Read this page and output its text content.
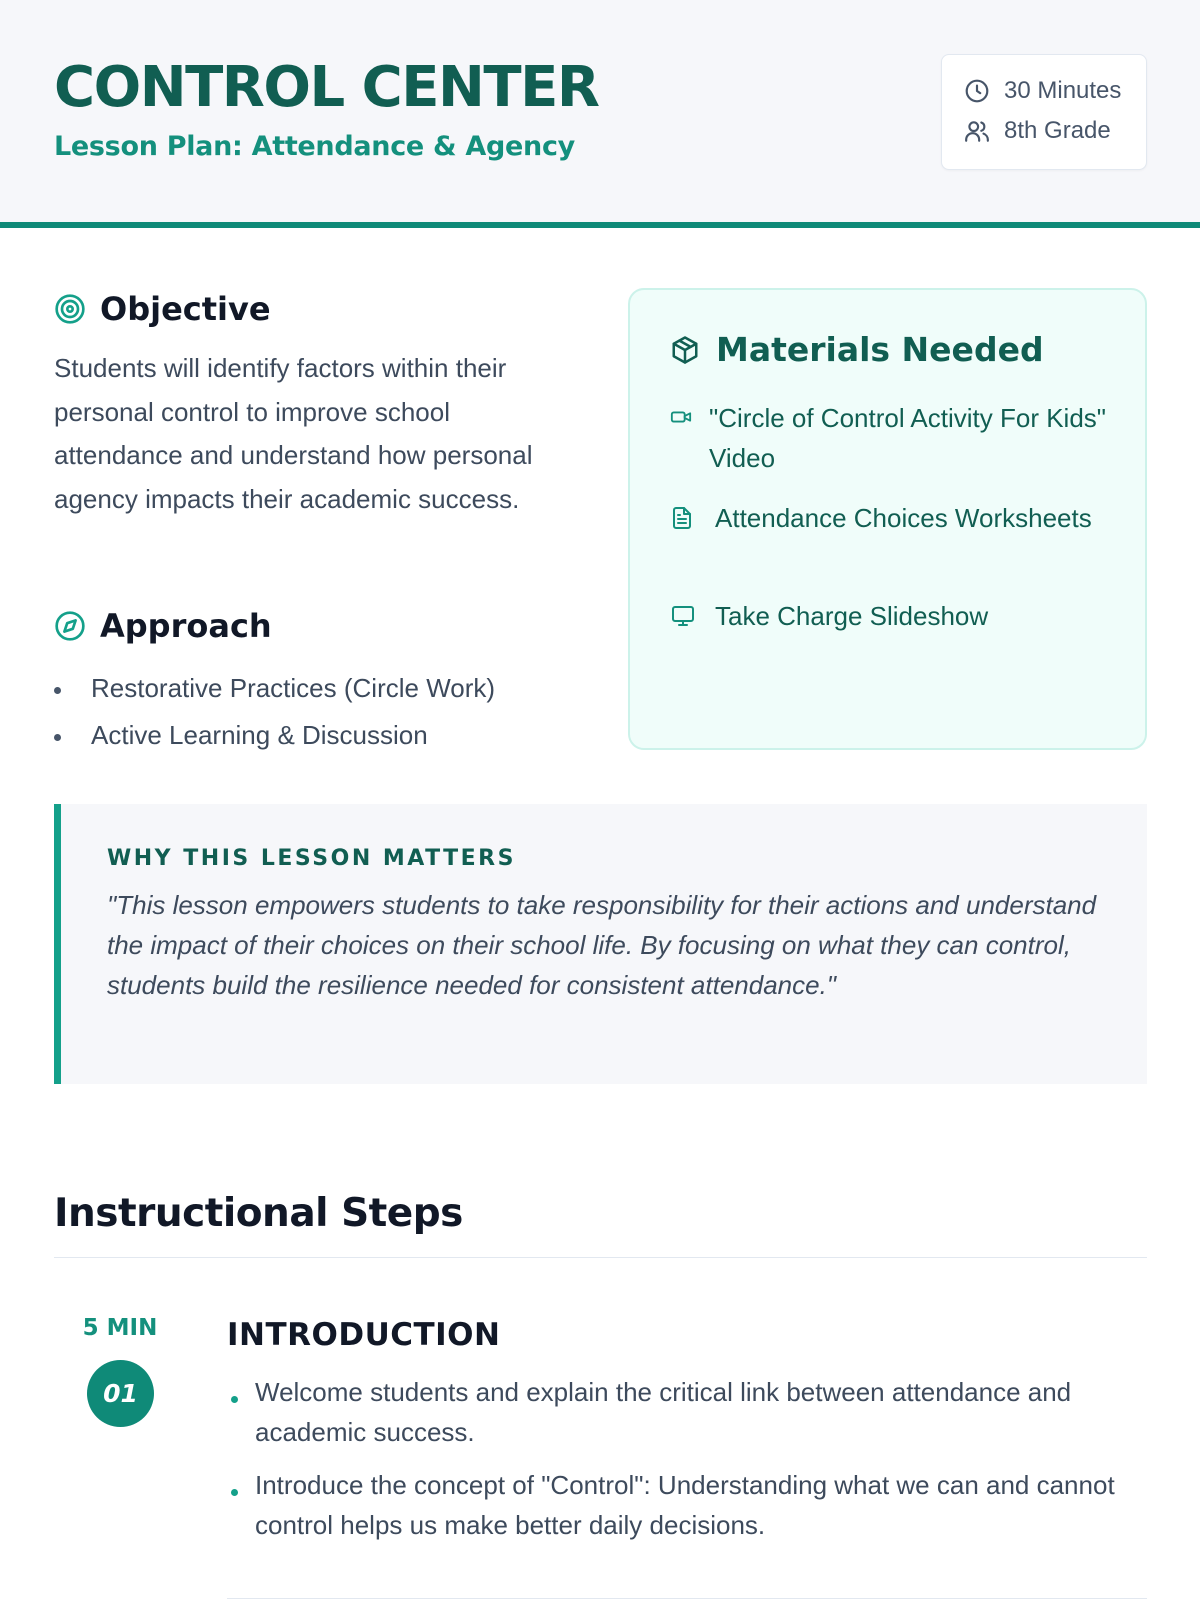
CONTROL CENTER
Lesson Plan: Attendance & Agency
30 Minutes
8th Grade
Objective
Students will identify factors within their personal control to improve school attendance and understand how personal agency impacts their academic success.
Approach
Restorative Practices (Circle Work)
Active Learning & Discussion
Materials Needed
"Circle of Control Activity For Kids" Video
Attendance Choices Worksheets
Take Charge Slideshow
WHY THIS LESSON MATTERS
"This lesson empowers students to take responsibility for their actions and understand the impact of their choices on their school life. By focusing on what they can control, students build the resilience needed for consistent attendance."
Instructional Steps
5 MIN
01
INTRODUCTION
Welcome students and explain the critical link between attendance and academic success.
Introduce the concept of "Control": Understanding what we can and cannot control helps us make better daily decisions.
